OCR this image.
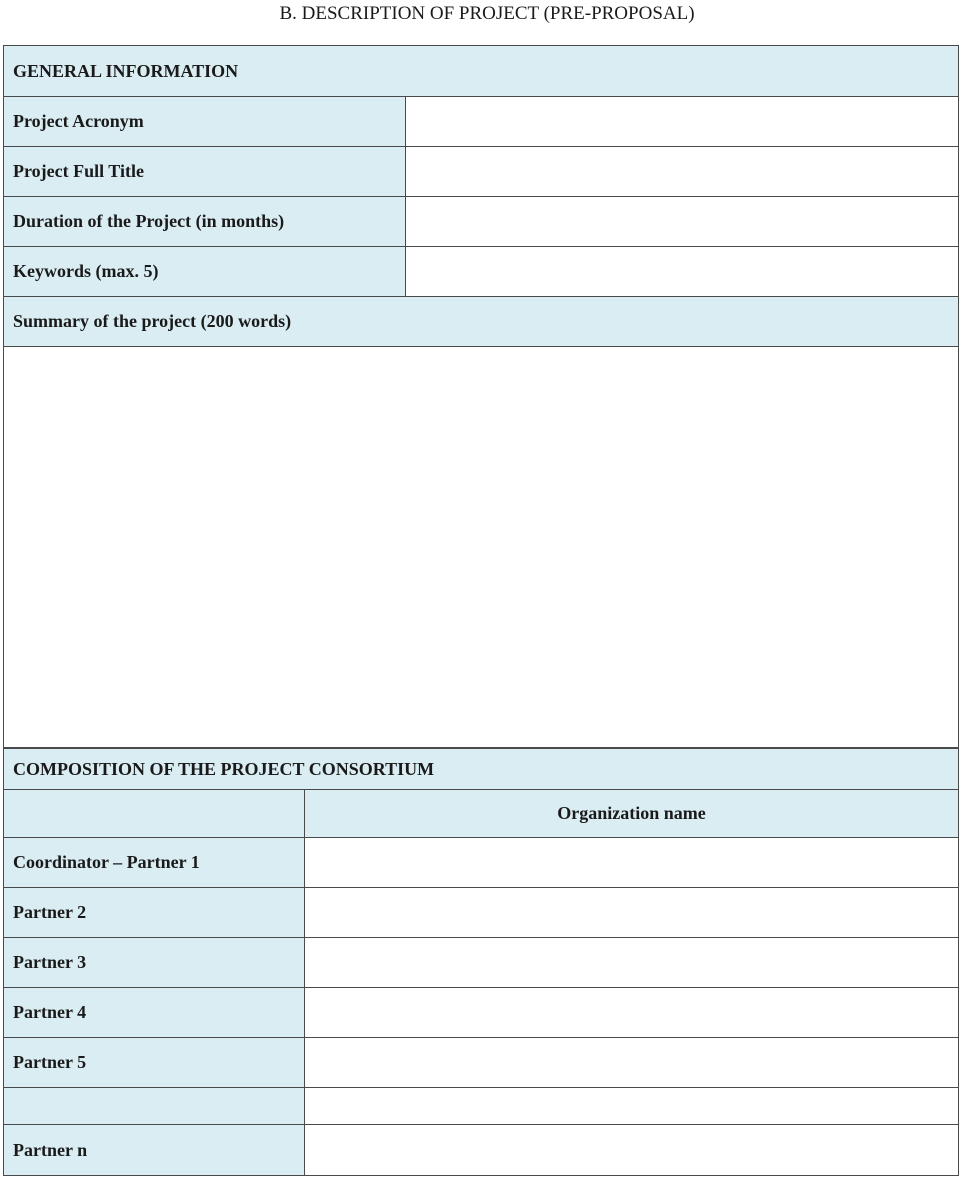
B. DESCRIPTION OF PROJECT (PRE-PROPOSAL)
GENERAL INFORMATION	
Project Acronym	
Project Full Title	
Duration of the Project (in months)	
Keywords (max. 5)	
Summary of the project (200 words)	

COMPOSITION OF THE PROJECT CONSORTIUM	
	Organization name
Coordinator – Partner 1	
Partner 2	
Partner 3	
Partner 4	
Partner 5	

Partner n	
